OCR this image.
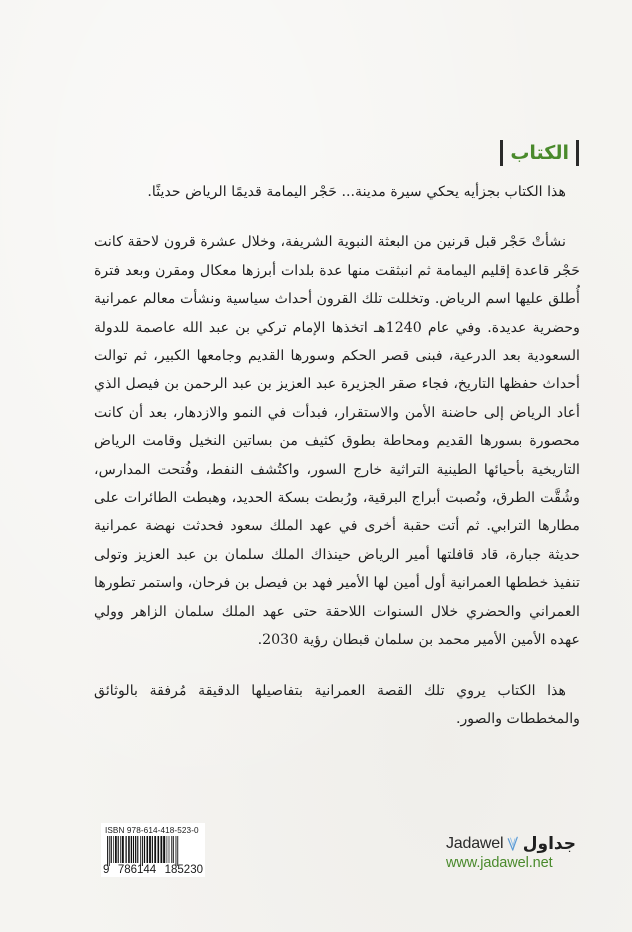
الكتاب

هذا الكتاب بجزأيه يحكي سيرة مدينة... حَجْر اليمامة قديمًا الرياض حديثًا.

نشأتْ حَجْر قبل قرنين من البعثة النبوية الشريفة، وخلال عشرة قرون لاحقة كانت حَجْر قاعدة إقليم اليمامة ثم انبثقت منها عدة بلدات أبرزها معكال ومقرن وبعد فترة أُطلق عليها اسم الرياض. وتخللت تلك القرون أحداث سياسية ونشأت معالم عمرانية وحضرية عديدة. وفي عام 1240هـ اتخذها الإمام تركي بن عبد الله عاصمة للدولة السعودية بعد الدرعية، فبنى قصر الحكم وسورها القديم وجامعها الكبير، ثم توالت أحداث حفظها التاريخ، فجاء صقر الجزيرة عبد العزيز بن عبد الرحمن بن فيصل الذي أعاد الرياض إلى حاضنة الأمن والاستقرار، فبدأت في النمو والازدهار، بعد أن كانت محصورة بسورها القديم ومحاطة بطوق كثيف من بساتين النخيل وقامت الرياض التاريخية بأحيائها الطينية التراثية خارج السور، واكتُشف النفط، وفُتحت المدارس، وشُقَّت الطرق، ونُصبت أبراج البرقية، ورُبطت بسكة الحديد، وهبطت الطائرات على مطارها الترابي. ثم أتت حقبة أخرى في عهد الملك سعود فحدثت نهضة عمرانية حديثة جبارة، قاد قافلتها أمير الرياض حينذاك الملك سلمان بن عبد العزيز وتولى تنفيذ خططها العمرانية أول أمين لها الأمير فهد بن فيصل بن فرحان، واستمر تطورها العمراني والحضري خلال السنوات اللاحقة حتى عهد الملك سلمان الزاهر وولي عهده الأمين الأمير محمد بن سلمان قبطان رؤية 2030.

هذا الكتاب يروي تلك القصة العمرانية بتفاصيلها الدقيقة مُرفقة بالوثائق والمخططات والصور.

ISBN 978-614-418-523-0
9 786144 185230
Jadawel جداول
www.jadawel.net
